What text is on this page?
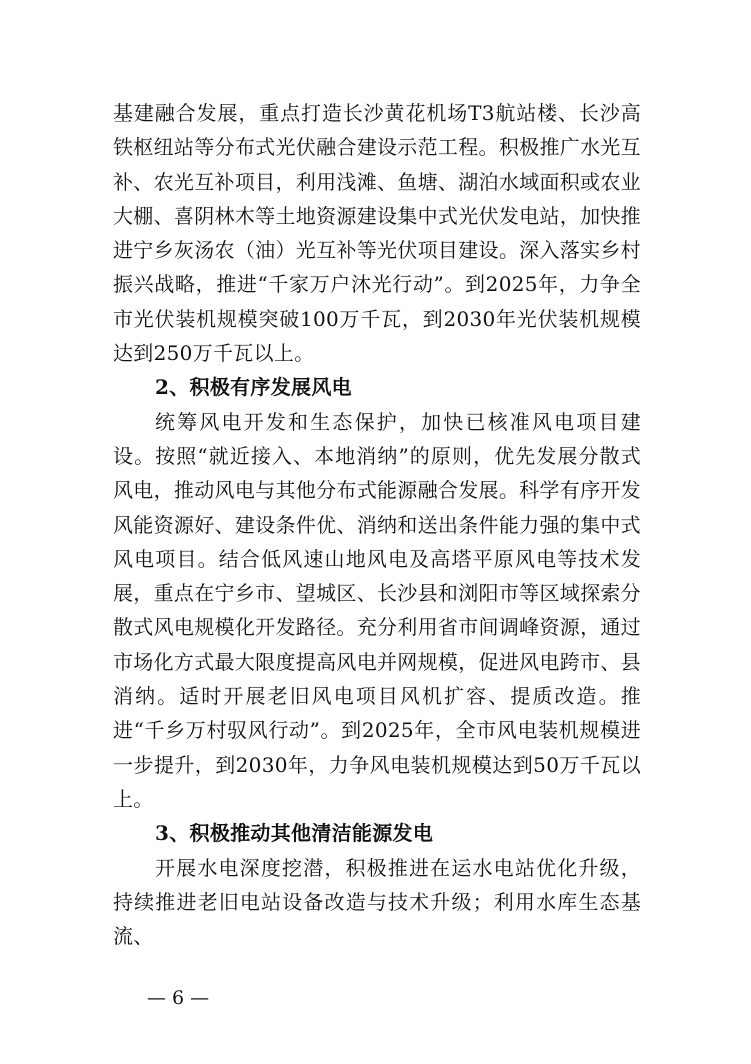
基建融合发展，重点打造长沙黄花机场T3航站楼、长沙高铁枢纽站等分布式光伏融合建设示范工程。积极推广水光互补、农光互补项目，利用浅滩、鱼塘、湖泊水域面积或农业大棚、喜阴林木等土地资源建设集中式光伏发电站，加快推进宁乡灰汤农（油）光互补等光伏项目建设。深入落实乡村振兴战略，推进“千家万户沐光行动”。到2025年，力争全市光伏装机规模突破100万千瓦，到2030年光伏装机规模达到250万千瓦以上。

2、积极有序发展风电

统筹风电开发和生态保护，加快已核准风电项目建设。按照“就近接入、本地消纳”的原则，优先发展分散式风电，推动风电与其他分布式能源融合发展。科学有序开发风能资源好、建设条件优、消纳和送出条件能力强的集中式风电项目。结合低风速山地风电及高塔平原风电等技术发展，重点在宁乡市、望城区、长沙县和浏阳市等区域探索分散式风电规模化开发路径。充分利用省市间调峰资源，通过市场化方式最大限度提高风电并网规模，促进风电跨市、县消纳。适时开展老旧风电项目风机扩容、提质改造。推进“千乡万村驭风行动”。到2025年，全市风电装机规模进一步提升，到2030年，力争风电装机规模达到50万千瓦以上。

3、积极推动其他清洁能源发电

开展水电深度挖潜，积极推进在运水电站优化升级，持续推进老旧电站设备改造与技术升级；利用水库生态基流、

— 6 —
